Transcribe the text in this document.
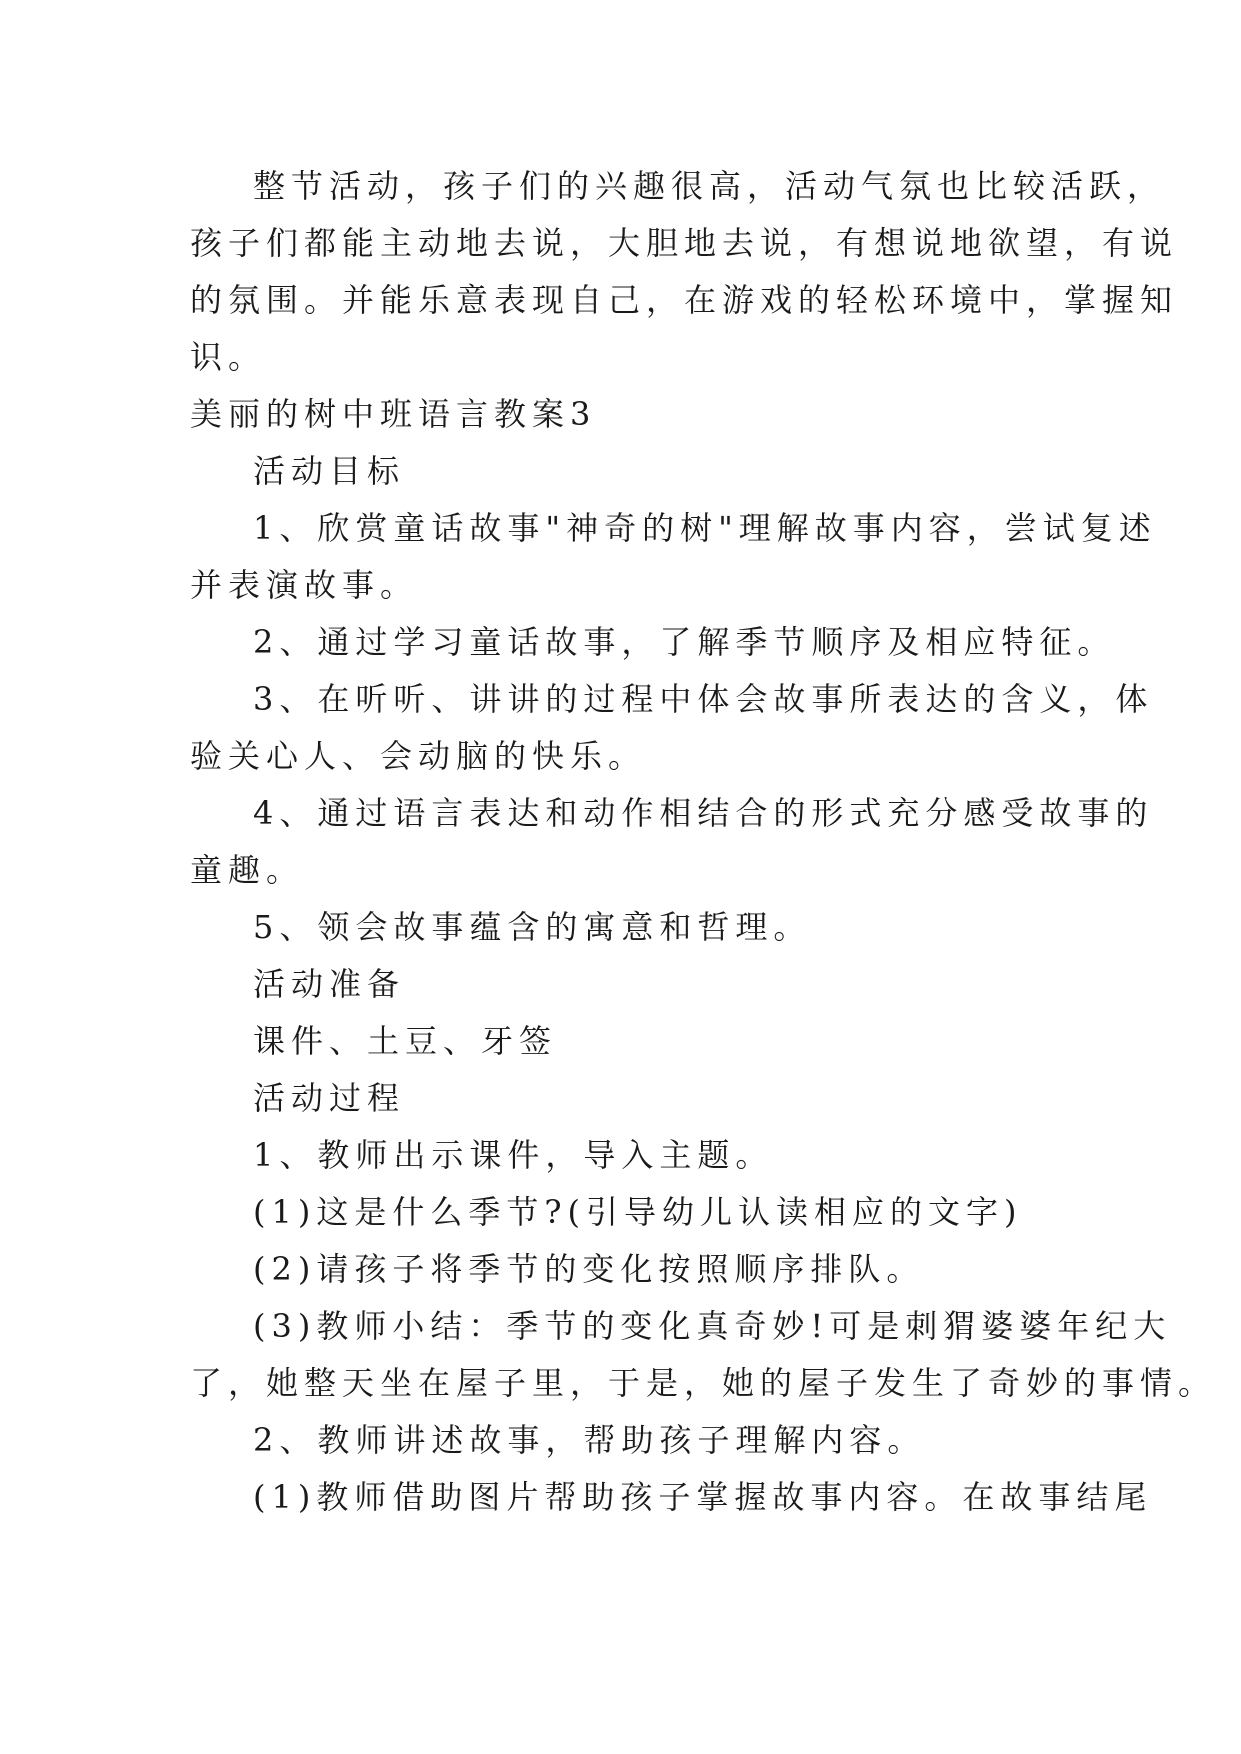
整节活动，孩子们的兴趣很高，活动气氛也比较活跃，
孩子们都能主动地去说，大胆地去说，有想说地欲望，有说
的氛围。并能乐意表现自己，在游戏的轻松环境中，掌握知
识。
美丽的树中班语言教案3
活动目标
1、欣赏童话故事"神奇的树"理解故事内容，尝试复述
并表演故事。
2、通过学习童话故事，了解季节顺序及相应特征。
3、在听听、讲讲的过程中体会故事所表达的含义，体
验关心人、会动脑的快乐。
4、通过语言表达和动作相结合的形式充分感受故事的
童趣。
5、领会故事蕴含的寓意和哲理。
活动准备
课件、土豆、牙签
活动过程
1、教师出示课件，导入主题。
(1)这是什么季节?(引导幼儿认读相应的文字)
(2)请孩子将季节的变化按照顺序排队。
(3)教师小结：季节的变化真奇妙!可是刺猬婆婆年纪大
了，她整天坐在屋子里，于是，她的屋子发生了奇妙的事情。
2、教师讲述故事，帮助孩子理解内容。
(1)教师借助图片帮助孩子掌握故事内容。在故事结尾
